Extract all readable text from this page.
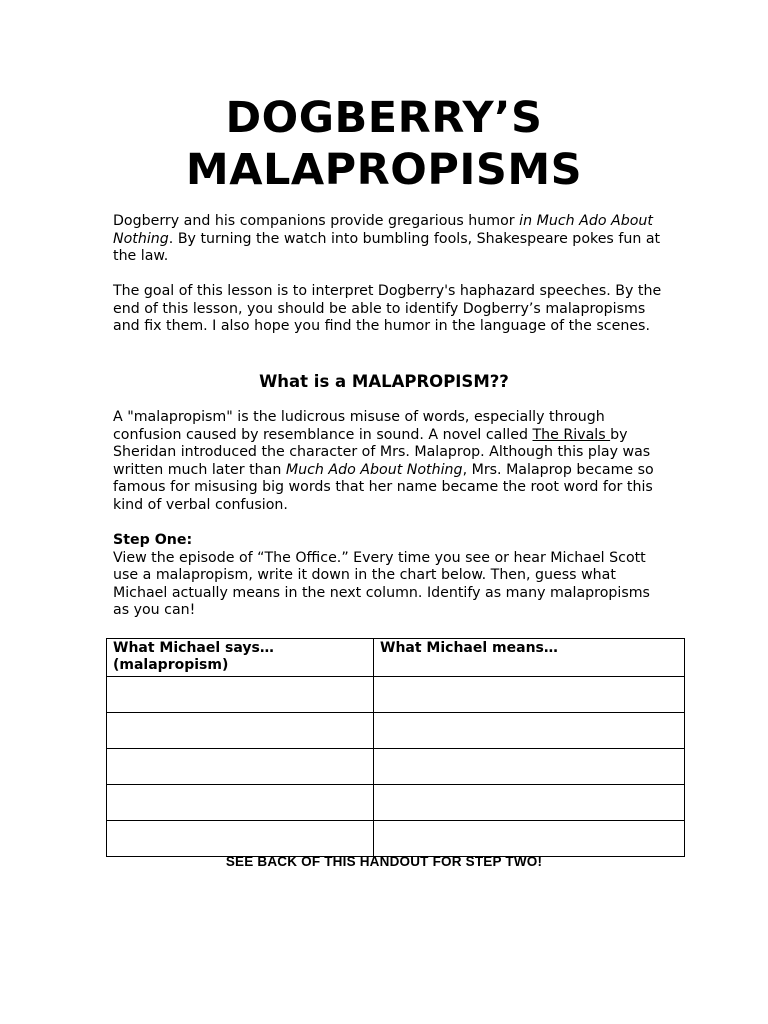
DOGBERRY’S
MALAPROPISMS

Dogberry and his companions provide gregarious humor in Much Ado About Nothing. By turning the watch into bumbling fools, Shakespeare pokes fun at the law.

The goal of this lesson is to interpret Dogberry's haphazard speeches. By the end of this lesson, you should be able to identify Dogberry’s malapropisms and fix them. I also hope you find the humor in the language of the scenes.

What is a MALAPROPISM??

A "malapropism" is the ludicrous misuse of words, especially through confusion caused by resemblance in sound. A novel called The Rivals by Sheridan introduced the character of Mrs. Malaprop. Although this play was written much later than Much Ado About Nothing, Mrs. Malaprop became so famous for misusing big words that her name became the root word for this kind of verbal confusion.

Step One:
View the episode of “The Office.” Every time you see or hear Michael Scott use a malapropism, write it down in the chart below. Then, guess what Michael actually means in the next column. Identify as many malapropisms as you can!
What Michael says…
(malapropism)	What Michael means…

SEE BACK OF THIS HANDOUT FOR STEP TWO!
